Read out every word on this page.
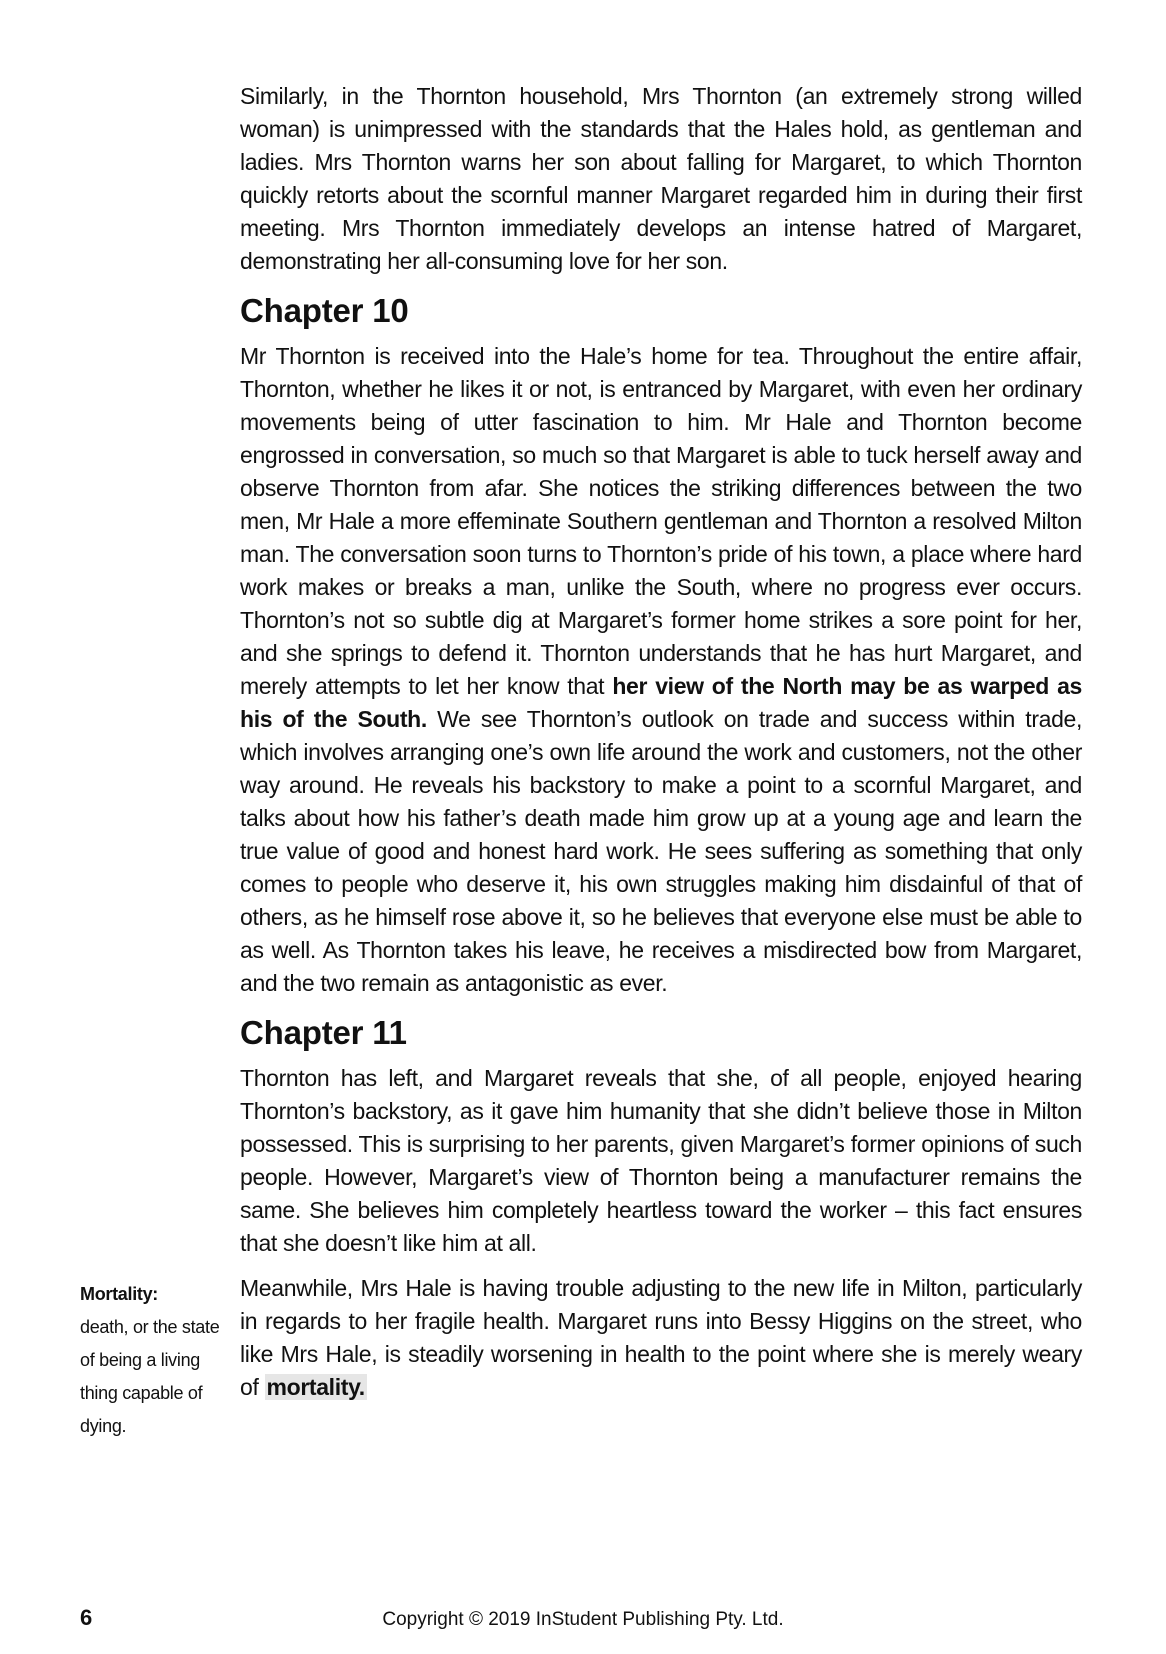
Similarly, in the Thornton household, Mrs Thornton (an extremely strong willed woman) is unimpressed with the standards that the Hales hold, as gentleman and ladies. Mrs Thornton warns her son about falling for Margaret, to which Thornton quickly retorts about the scornful manner Margaret regarded him in during their first meeting. Mrs Thornton immediately develops an intense hatred of Margaret, demonstrating her all-consuming love for her son.

Chapter 10

Mr Thornton is received into the Hale’s home for tea. Throughout the entire affair, Thornton, whether he likes it or not, is entranced by Margaret, with even her ordinary movements being of utter fascination to him. Mr Hale and Thornton become engrossed in conversation, so much so that Margaret is able to tuck herself away and observe Thornton from afar. She notices the striking differences between the two men, Mr Hale a more effeminate Southern gentleman and Thornton a resolved Milton man. The conversation soon turns to Thornton’s pride of his town, a place where hard work makes or breaks a man, unlike the South, where no progress ever occurs. Thornton’s not so subtle dig at Margaret’s former home strikes a sore point for her, and she springs to defend it. Thornton understands that he has hurt Margaret, and merely attempts to let her know that her view of the North may be as warped as his of the South. We see Thornton’s outlook on trade and success within trade, which involves arranging one’s own life around the work and customers, not the other way around. He reveals his backstory to make a point to a scornful Margaret, and talks about how his father’s death made him grow up at a young age and learn the true value of good and honest hard work. He sees suffering as something that only comes to people who deserve it, his own struggles making him disdainful of that of others, as he himself rose above it, so he believes that everyone else must be able to as well. As Thornton takes his leave, he receives a misdirected bow from Margaret, and the two remain as antagonistic as ever.

Chapter 11

Thornton has left, and Margaret reveals that she, of all people, enjoyed hearing Thornton’s backstory, as it gave him humanity that she didn’t believe those in Milton possessed. This is surprising to her parents, given Margaret’s former opinions of such people. However, Margaret’s view of Thornton being a manufacturer remains the same. She believes him completely heartless toward the worker – this fact ensures that she doesn’t like him at all.

Meanwhile, Mrs Hale is having trouble adjusting to the new life in Milton, particularly in regards to her fragile health. Margaret runs into Bessy Higgins on the street, who like Mrs Hale, is steadily worsening in health to the point where she is merely weary of mortality.

Mortality:
death, or the state of being a living thing capable of dying.
6	Copyright © 2019 InStudent Publishing Pty. Ltd.
